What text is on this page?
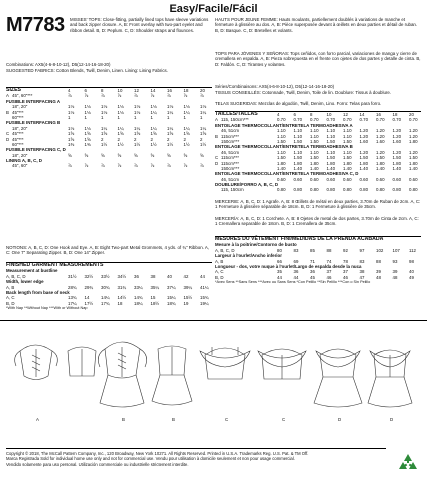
Easy/Facile/Fácil
M7783 MISSES' TOPS: Close-fitting, partially lined tops have sleeve variations and back zipper closure. A, B: Front overlay with two-part eyelet and ribbon detail. B, D: Peplum. C, D: Shoulder straps and flounces.
HAUTS POUR JEUNE FEMME: Hauts moulants, partiellement doublés à variations de manche et fermeture à glissière au dos. A, B: Pièce superposée devant à œillets en deux parties et détail de ruban. B, D: Basque. C, D: Bretelles et volants.
TOPS PARA JÓVENES Y SEÑORAS: Tops ceñidos, con forro parcial, variaciones de manga y cierre de cremallera en espalda. A, B: Pieza sobrepuesta en el frente con ojetes de dos partes y detalle de cinta. B, D: Faldón. C, D: Tirantes y volantes.
Combinations: AX5(4-6-8-10-12), D5(12-14-16-18-20)
SUGGESTED FABRICS: Cotton Blends, Twill, Denim, Linen. Lining: Lining Fabrics.
Séries/Combinaisons: AX5(4-6-8-10-12), D5(12-14-16-18-20)
TISSUS CONSEILLÉS: Cotonnade, Twill, Denim, Toile de lin. Doublure: Tissus à doublure.
TELAS SUGERIDAS: Mezclas de algodón, Twill, Denim, Lino. Forro: Telas para forro.

SIZES

	4	6	8	10	12	14	16	18	20
A 45", 60"***	⅞	⅞	⅞	⅞	⅞	⅞	⅞	⅞	⅞
FUSIBLE INTERFACING A
18", 20"	1⅛ 1⅛ 1⅛ 1⅛ 1⅛ 1⅛ 1⅛ 1⅛ 1⅛
B 45"***	1⅛ 1⅛ 1⅛ 1⅛ 1⅛ 1¼ 1¼ 1¼ 1¼
60"***	1	1	1	1	1	1	1	1	1
FUSIBLE INTERFACING B
18", 20"	1⅛ 1⅛ 1¼ 1¼ 1¼ 1¼ 1¼ 1¼ 1¼
C 45"***	1⅝ 1⅝ 1⅝ 1⅝ 1⅝ 1⅝ 1⅝ 1⅝ 1⅝
D 45"***	1⅝ 1⅝ 2	2	2	2	2	2	2
60"***	1⅜ 1⅜ 1½ 1½ 1½ 1½ 1½ 1½ 1½
FUSIBLE INTERFACING C, D
18", 20"	⅝	⅝	⅝	⅝	⅝	⅝	⅝	⅝	⅝
LINING A, B, C, D
45", 60"	⅞	⅞	⅞	⅞	⅞	⅞	⅞	⅞	⅞

TAILLES/TALLAS

	4	6	8	10	12	14	16	18	20
A 115, 150cm***	0.70 0.70 0.70 0.70 0.70 0.70 0.70 0.70 0.70
ENTOILAGE THERMOCOLLANT/ENTRETELA TERMOADHESIVA A
46, 51cm	1.10 1.10 1.10 1.10 1.10 1.20 1.20 1.20 1.20
B 115cm***	1.10 1.10 1.10 1.10 1.10 1.20 1.20 1.20 1.20
150cm***	1.50 1.50 1.50 1.50 1.50 1.60 1.60 1.60 1.80
ENTOILAGE THERMOCOLLANT/ENTRETELA TERMOADHESIVA B
46, 51cm	1.10 1.10 1.10 1.10 1.10 1.20 1.20 1.20 1.20
C 115cm***	1.50 1.50 1.50 1.50 1.50 1.50 1.50 1.50 1.50
D 115cm***	1.80 1.80 1.80 1.80 1.80 1.80 1.80 1.80 1.80
150cm***	1.40 1.40 1.40 1.40 1.40 1.40 1.40 1.40 1.40
ENTOILAGE THERMOCOLLANT/ENTRETELA TERMOADHESIVA C, D
46, 51cm	0.60 0.60 0.60 0.60 0.60 0.60 0.60 0.60 0.60
DOUBLURE/FORRO A, B, C, D
115, 150cm	0.80 0.80 0.80 0.80 0.80 0.80 0.80 0.80 0.80
NOTIONS: A, B, C, D: One Hook and Eye. A, B: Eight Two-part Metal Grommets, 4 yds. of ¾" Ribbon. A, C: One 7" Separating Zipper. B, D: One 14" Zipper.
MERCERIE: A, B, C, D: 1 Agrafe. A, B: 8 Œillets de métal en deux parties, 3.70m de Ruban de 2cm. A, C: 1 Fermeture à glissière séparable de 18cm. B, D: 1 Fermeture à glissière de 35cm.
MERCERÍA: A, B, C, D: 1 Corchete. A, B: 8 Ojetes de metal de dos partes, 3.70m de Cinta de 2cm. A, C: 1 Cremallera separable de 18cm. B, D: 1 Cremallera de 35cm.
FINISHED GARMENT MEASUREMENTS
Measurement at bustline
A, B, C, D	31½ 32½ 33½ 34½ 36	38	40	42	44
Width, lower edge
A, B	28¾ 29¾ 30¾ 31¾ 33¼ 35¼ 37¼ 39¼ 41¼
Back length from base of neck
A, C	13¾ 14	14¼ 14½ 14¾ 15	15¼ 15½ 15¾
B, D	17¼ 17½ 17¾ 18	18¼ 18½ 18¾ 19	19¼
*With Nap **Without Nap ***With or Without Nap
MESURES DU VÊTEMENT FINI/MEDIDAS DE LA PRENDA ACABADA
Mesure à la poitrine/Contorno de busto
A, B, C, D	80	83	85	88	92	97	102 107 112
Largeur à l'ourlet/Ancho inferior
A, B	66	69	71	74	78	83	88	93	98
Longueur - dos, votre nuque à l'ourlet/Largo de espalda desde la nuca
A, C	35	36	36	37	37	38	39	39	40
B, D	44	44	45	46	46	47	48	48	49
*Avec Sens **Sans Sens ***Avec ou Sans Sens *Con Pelillo **Sin Pelillo ***Con o Sin Pelillo
A	B	B	C	C	D	D
Copyright © 2018, The McCall Pattern Company, Inc., 120 Broadway, New York 10271. All Rights Reserved. Printed in U.S.A. Trademarks Reg. U.S. Pat. & TM Off.
Marca Registrada Sold for individual home use only and not for commercial use. Vendu pour utilisation à domicile seulement et non pour usage commercial.
Vendido solamente para uso personal. Utilización commerciale ou industrielle strictement interdite.
